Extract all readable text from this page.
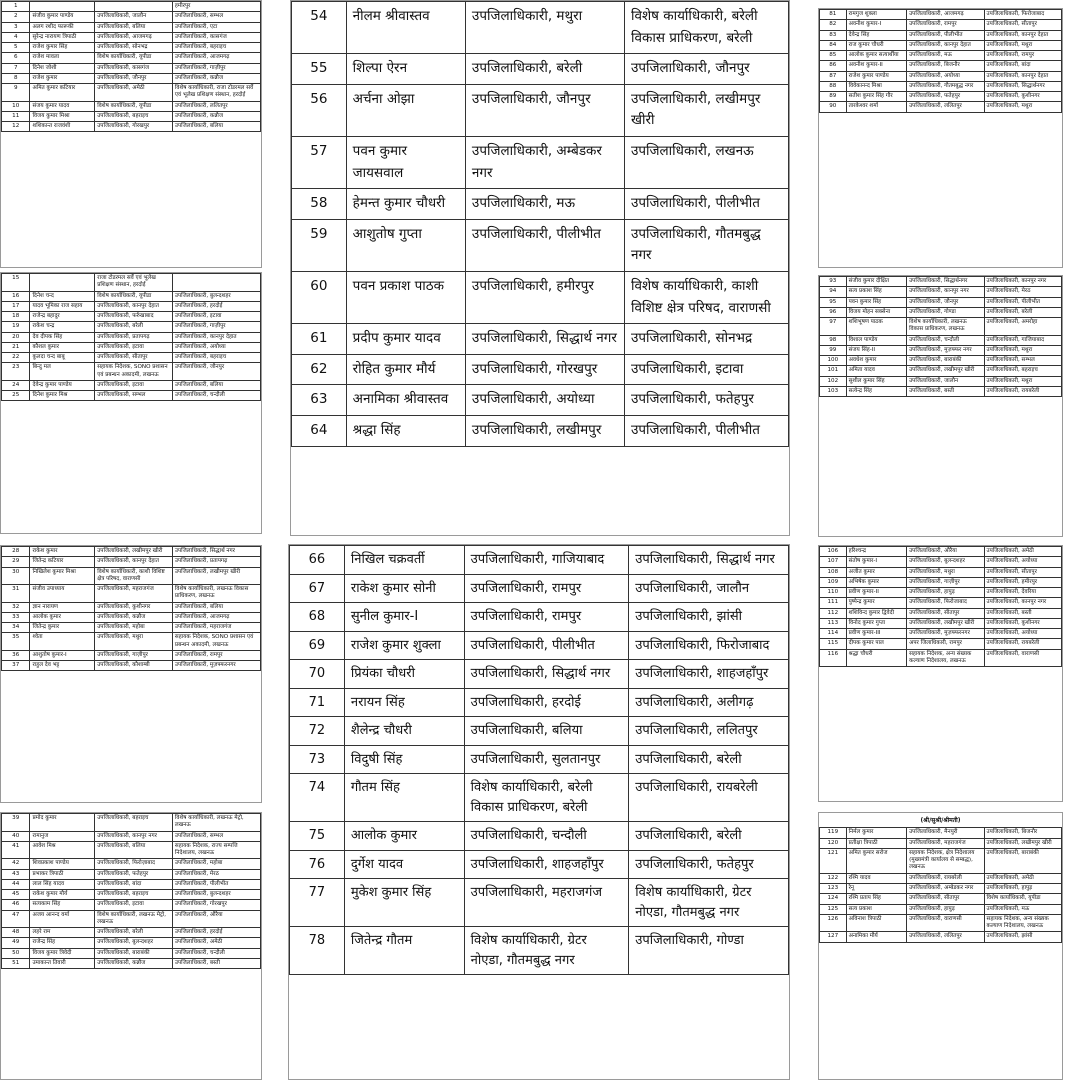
1			हमीरपुर
2	संजीव कुमार पाण्डेय	उपजिलाधिकारी, जालौन	उपजिलाधिकारी, सम्भल
3	अलग रशीद फारूकी	उपजिलाधिकारी, बलिया	उपजिलाधिकारी, एटा
4	सुरेन्द्र नारायण त्रिपाठी	उपजिलाधिकारी, आजमगढ़	उपजिलाधिकारी, कासगंज
5	राजेश कुमार सिंह	उपजिलाधिकारी, सोनभद्र	उपजिलाधिकारी, बहराइच
6	राजेश मावला	विशेष कार्याधिकारी, यूपीडा	उपजिलाधिकारी, आजमगढ़
7	दिनेश जोशी	उपजिलाधिकारी, कासगंज	उपजिलाधिकारी, गाज़ीपुर
8	राजेश कुमार	उपजिलाधिकारी, जौनपुर	उपजिलाधिकारी, कन्नौज
9	अमित कुमार कटियार	उपजिलाधिकारी, अमेठी	विशेष कार्याधिकारी, राजा टोडरमल सर्वे एवं भूलेख प्रशिक्षण संस्थान, हरदोई
10	संजय कुमार यादव	विशेष कार्याधिकारी, यूपीडा	उपजिलाधिकारी, ललितपुर
11	विजय कुमार मिश्रा	उपजिलाधिकारी, बहराइच	उपजिलाधिकारी, कन्नौज
12	शशिकान्त राजवंशी	उपजिलाधिकारी, गोरखपुर	उपजिलाधिकारी, बलिया
15		राजा टोडरमल सर्वे एवं भूलेख प्रशिक्षण संस्थान, हरदोई	
16	दिनेश चन्द	विशेष कार्याधिकारी, यूपीडा	उपजिलाधिकारी, बुलन्दशहर
17	यादव भूमिका राज सहाय	उपजिलाधिकारी, कानपुर देहात	उपजिलाधिकारी, हरदोई
18	राजेन्द्र बहादुर	उपजिलाधिकारी, फर्रुखाबाद	उपजिलाधिकारी, इटावा
19	राकेश चन्द्र	उपजिलाधिकारी, बरेली	उपजिलाधिकारी, गाज़ीपुर
20	देव दीपक सिंह	उपजिलाधिकारी, प्रतापगढ़	उपजिलाधिकारी, कानपुर देहात
21	कौशल कुमार	उपजिलाधिकारी, इटावा	उपजिलाधिकारी, अयोध्या
22	कुलदा चन्द बाबू	उपजिलाधिकारी, सीतापुर	उपजिलाधिकारी, बहराइच
23	बिन्दु मल	सहायक निदेशक, SONO प्रशासन एवं प्रबन्धन अकादमी, लखनऊ	उपजिलाधिकारी, जौनपुर
24	देवेन्द्र कुमार पाण्डेय	उपजिलाधिकारी, इटावा	उपजिलाधिकारी, बलिया
25	दिनेश कुमार मिश्र	उपजिलाधिकारी, सम्भल	उपजिलाधिकारी, चन्दौली
28	राकेश कुमार	उपजिलाधिकारी, लखीमपुर खीरी	उपजिलाधिकारी, सिद्धार्थ नगर
29	जितेन्द्र कटियार	उपजिलाधिकारी, कानपुर देहात	उपजिलाधिकारी, प्रतापगढ़
30	निखिलेश कुमार मिश्रा	विशेष कार्याधिकारी, काशी विशिष्ट क्षेत्र परिषद, वाराणसी	उपजिलाधिकारी, लखीमपुर खीरी
31	संजीव उपाध्याय	उपजिलाधिकारी, महराजगंज	विशेष कार्याधिकारी, लखनऊ विकास प्राधिकरण, लखनऊ
32	ज्ञान नारायण	उपजिलाधिकारी, कुशीनगर	उपजिलाधिकारी, बलिया
33	आलोक कुमार	उपजिलाधिकारी, कन्नौज	उपजिलाधिकारी, आजमगढ़
34	जितेन्द्र कुमार	उपजिलाधिकारी, महोबा	उपजिलाधिकारी, महराजगंज
35	श्वेता	उपजिलाधिकारी, मथुरा	सहायक निदेशक, SONO प्रशासन एवं प्रबन्धन अकादमी, लखनऊ
36	आशुतोष कुमार-I	उपजिलाधिकारी, गाज़ीपुर	उपजिलाधिकारी, रामपुर
37	राहुल देव भट्ट	उपजिलाधिकारी, कौशाम्बी	उपजिलाधिकारी, मुज़फ्फरनगर
39	प्रमोद कुमार	उपजिलाधिकारी, बहराइच	विशेष कार्याधिकारी, लखनऊ मेट्रो, लखनऊ
40	रामानुज	उपजिलाधिकारी, कानपुर नगर	उपजिलाधिकारी, सम्भल
41	आवेश मिश्र	उपजिलाधिकारी, बलिया	सहायक निदेशक, राज्य सम्पत्ति निदेशालय, लखनऊ
42	शिवप्रकाश पाण्डेय	उपजिलाधिकारी, फिरोज़ाबाद	उपजिलाधिकारी, महोबा
43	प्रभाकर त्रिपाठी	उपजिलाधिकारी, फतेहपुर	उपजिलाधिकारी, मेरठ
44	लाल सिंह यादव	उपजिलाधिकारी, बांदा	उपजिलाधिकारी, पीलीभीत
45	राकेश कुमार मौर्य	उपजिलाधिकारी, बहराइच	उपजिलाधिकारी, बुलन्दशहर
46	सत्यकाम सिंह	उपजिलाधिकारी, इटावा	उपजिलाधिकारी, गोरखपुर
47	अजय आनन्द वर्मा	विशेष कार्याधिकारी, लखनऊ मेट्रो, लखनऊ	उपजिलाधिकारी, औरैया
48	लहरे राम	उपजिलाधिकारी, बरेली	उपजिलाधिकारी, हरदोई
49	राजेन्द्र सिंह	उपजिलाधिकारी, बुलन्दशहर	उपजिलाधिकारी, अमेठी
50	विजय कुमार त्रिवेदी	उपजिलाधिकारी, बाराबंकी	उपजिलाधिकारी, चन्दौली
51	उमाकान्त तिवारी	उपजिलाधिकारी, कन्नौज	उपजिलाधिकारी, बस्ती
54	नीलम श्रीवास्तव	उपजिलाधिकारी, मथुरा	विशेष कार्याधिकारी, बरेली विकास प्राधिकरण, बरेली
55	शिल्पा ऐरन	उपजिलाधिकारी, बरेली	उपजिलाधिकारी, जौनपुर
56	अर्चना ओझा	उपजिलाधिकारी, जौनपुर	उपजिलाधिकारी, लखीमपुर खीरी
57	पवन कुमार जायसवाल	उपजिलाधिकारी, अम्बेडकर नगर	उपजिलाधिकारी, लखनऊ
58	हेमन्त कुमार चौधरी	उपजिलाधिकारी, मऊ	उपजिलाधिकारी, पीलीभीत
59	आशुतोष गुप्ता	उपजिलाधिकारी, पीलीभीत	उपजिलाधिकारी, गौतमबुद्ध नगर
60	पवन प्रकाश पाठक	उपजिलाधिकारी, हमीरपुर	विशेष कार्याधिकारी, काशी विशिष्ट क्षेत्र परिषद, वाराणसी
61	प्रदीप कुमार यादव	उपजिलाधिकारी, सिद्धार्थ नगर	उपजिलाधिकारी, सोनभद्र
62	रोहित कुमार मौर्य	उपजिलाधिकारी, गोरखपुर	उपजिलाधिकारी, इटावा
63	अनामिका श्रीवास्तव	उपजिलाधिकारी, अयोध्या	उपजिलाधिकारी, फतेहपुर
64	श्रद्धा सिंह	उपजिलाधिकारी, लखीमपुर	उपजिलाधिकारी, पीलीभीत
66	निखिल चक्रवर्ती	उपजिलाधिकारी, गाजियाबाद	उपजिलाधिकारी, सिद्धार्थ नगर
67	राकेश कुमार सोनी	उपजिलाधिकारी, रामपुर	उपजिलाधिकारी, जालौन
68	सुनील कुमार-I	उपजिलाधिकारी, रामपुर	उपजिलाधिकारी, झांसी
69	राजेश कुमार शुक्ला	उपजिलाधिकारी, पीलीभीत	उपजिलाधिकारी, फिरोजाबाद
70	प्रियंका चौधरी	उपजिलाधिकारी, सिद्धार्थ नगर	उपजिलाधिकारी, शाहजहाँपुर
71	नरायन सिंह	उपजिलाधिकारी, हरदोई	उपजिलाधिकारी, अलीगढ़
72	शैलेन्द्र चौधरी	उपजिलाधिकारी, बलिया	उपजिलाधिकारी, ललितपुर
73	विदुषी सिंह	उपजिलाधिकारी, सुलतानपुर	उपजिलाधिकारी, बरेली
74	गौतम सिंह	विशेष कार्याधिकारी, बरेली विकास प्राधिकरण, बरेली	उपजिलाधिकारी, रायबरेली
75	आलोक कुमार	उपजिलाधिकारी, चन्दौली	उपजिलाधिकारी, बरेली
76	दुर्गेश यादव	उपजिलाधिकारी, शाहजहाँपुर	उपजिलाधिकारी, फतेहपुर
77	मुकेश कुमार सिंह	उपजिलाधिकारी, महराजगंज	विशेष कार्याधिकारी, ग्रेटर नोएडा, गौतमबुद्ध नगर
78	जितेन्द्र गौतम	विशेष कार्याधिकारी, ग्रेटर नोएडा, गौतमबुद्ध नगर	उपजिलाधिकारी, गोण्डा
81	रामगुज शुक्ला	उपजिलाधिकारी, आजमगढ़	उपजिलाधिकारी, फिरोजाबाद
82	अवनीश कुमार-I	उपजिलाधिकारी, रामपुर	उपजिलाधिकारी, सीतापुर
83	देवेन्द्र सिंह	उपजिलाधिकारी, पीलीभीत	उपजिलाधिकारी, कानपुर देहात
84	राज कुमार चौधरी	उपजिलाधिकारी, कानपुर देहात	उपजिलाधिकारी, मथुरा
85	आलोक कुमार सत्यार्थीया	उपजिलाधिकारी, मऊ	उपजिलाधिकारी, रामपुर
86	अवनीश कुमार-II	उपजिलाधिकारी, बिजनौर	उपजिलाधिकारी, बांदा
87	राजेश कुमार पाण्डेय	उपजिलाधिकारी, अयोध्या	उपजिलाधिकारी, कानपुर देहात
88	विवेकानन्द मिश्रा	उपजिलाधिकारी, गौतमबुद्ध नगर	उपजिलाधिकारी, सिद्धार्थनगर
89	सतीश कुमार सिंह गौर	उपजिलाधिकारी, फतेहपुर	उपजिलाधिकारी, कुशीनगर
90	तारकेश्वर शर्मा	उपजिलाधिकारी, ललितपुर	उपजिलाधिकारी, मथुरा
93	संजीव कुमार दीक्षित	उपजिलाधिकारी, सिद्धार्थनगर	उपजिलाधिकारी, कानपुर नगर
94	सत्य प्रकाश सिंह	उपजिलाधिकारी, कानपुर नगर	उपजिलाधिकारी, मेरठ
95	पवन कुमार सिंह	उपजिलाधिकारी, जौनपुर	उपजिलाधिकारी, पीलीभीत
96	विजय मोहन सक्सेना	उपजिलाधिकारी, गोण्डा	उपजिलाधिकारी, बरेली
97	शशिभूषण पाठक	विशेष कार्याधिकारी, लखनऊ विकास प्राधिकरण, लखनऊ	उपजिलाधिकारी, अमरोहा
98	विशाल पाण्डेय	उपजिलाधिकारी, चन्दौली	उपजिलाधिकारी, गाजियाबाद
99	संजय सिंह-II	उपजिलाधिकारी, मुज़फ्फर नगर	उपजिलाधिकारी, मथुरा
100	अवधेश कुमार	उपजिलाधिकारी, बाराबंकी	उपजिलाधिकारी, सम्भल
101	अमिता यादव	उपजिलाधिकारी, लखीमपुर खीरी	उपजिलाधिकारी, बहराइच
102	सुशील कुमार सिंह	उपजिलाधिकारी, जालौन	उपजिलाधिकारी, मथुरा
103	सत्येन्द्र सिंह	उपजिलाधिकारी, बस्ती	उपजिलाधिकारी, रायबरेली
106	हरिश्चन्द्र	उपजिलाधिकारी, औरैया	उपजिलाधिकारी, अमेठी
107	संतोष कुमार-I	उपजिलाधिकारी, बुलन्दशहर	उपजिलाधिकारी, अयोध्या
108	अजीत कुमार	उपजिलाधिकारी, मथुरा	उपजिलाधिकारी, सीतापुर
109	अभिषेक कुमार	उपजिलाधिकारी, गाज़ीपुर	उपजिलाधिकारी, हमीरपुर
110	प्रवीण कुमार-II	उपजिलाधिकारी, हापुड़	उपजिलाधिकारी, देवरिया
111	पुष्पेन्द्र कुमार	उपजिलाधिकारी, फिरोजाबाद	उपजिलाधिकारी, कानपुर नगर
112	शशिविन्द कुमार द्विवेदी	उपजिलाधिकारी, सीतापुर	उपजिलाधिकारी, बस्ती
113	विनोद कुमार गुप्ता	उपजिलाधिकारी, लखीमपुर खीरी	उपजिलाधिकारी, कुशीनगर
114	प्रवीण कुमार-III	उपजिलाधिकारी, मुज़फ्फरनगर	उपजिलाधिकारी, अयोध्या
115	दीपक कुमार पाल	अपर जिलाधिकारी, रामपुर	उपजिलाधिकारी, रायबरेली
116	श्रद्धा चौधरी	सहायक निदेशक, अन्य संख्यक कल्याण निदेशालय, लखनऊ	उपजिलाधिकारी, वाराणसी
(श्री/सुश्री/श्रीमती)
119	निर्मल कुमार	उपजिलाधिकारी, मैनपुरी	उपजिलाधिकारी, बिजनौर
120	प्रतीक्षा त्रिपाठी	उपजिलाधिकारी, महराजगंज	उपजिलाधिकारी, लखीमपुर खीरी
121	अमित कुमार सरोज	सहायक निदेशक, क्षेत्र निदेशालय (मुख्यमंत्री कार्यालय से सम्बद्ध), लखनऊ	उपजिलाधिकारी, बाराबंकी
122	रश्मि यादव	उपजिलाधिकारी, रायबरेली	उपजिलाधिकारी, अमेठी
123	रेनू	उपजिलाधिकारी, अम्बेडकर नगर	उपजिलाधिकारी, हापुड़
124	रश्मि प्रताप सिंह	उपजिलाधिकारी, सीतापुर	विशेष कार्याधिकारी, यूपीडा
125	सत्य प्रकाश	उपजिलाधिकारी, हापुड़	उपजिलाधिकारी, मऊ
126	अविनाश त्रिपाठी	उपजिलाधिकारी, वाराणसी	सहायक निदेशक, अन्य संख्यक कल्याण निदेशालय, लखनऊ
127	अनामिका मौर्य	उपजिलाधिकारी, ललितपुर	उपजिलाधिकारी, झांसी
